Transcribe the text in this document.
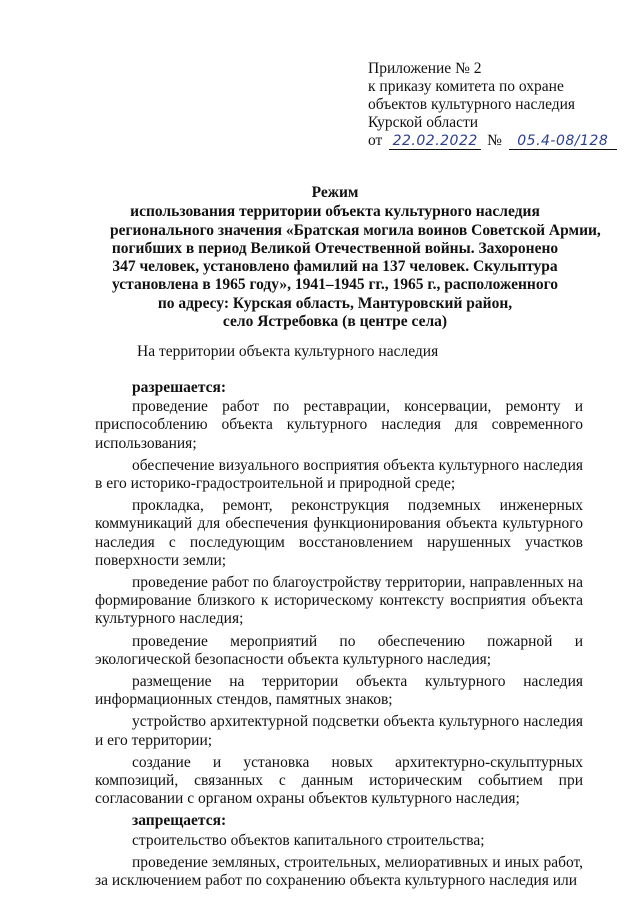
Приложение № 2
к приказу комитета по охране
объектов культурного наследия
Курской области
от 22.02.2022 № 05.4-08/128
Режим
использования территории объекта культурного наследия
регионального значения «Братская могила воинов Советской Армии,
погибших в период Великой Отечественной войны. Захоронено
347 человек, установлено фамилий на 137 человек. Скульптура
установлена в 1965 году», 1941–1945 гг., 1965 г., расположенного
по адресу: Курская область, Мантуровский район,
село Ястребовка (в центре села)
На территории объекта культурного наследия

разрешается:

проведение работ по реставрации, консервации, ремонту и приспособлению объекта культурного наследия для современного использования;

обеспечение визуального восприятия объекта культурного наследия в его историко-градостроительной и природной среде;

прокладка, ремонт, реконструкция подземных инженерных коммуникаций для обеспечения функционирования объекта культурного наследия с последующим восстановлением нарушенных участков поверхности земли;

проведение работ по благоустройству территории, направленных на формирование близкого к историческому контексту восприятия объекта культурного наследия;

проведение мероприятий по обеспечению пожарной и экологической безопасности объекта культурного наследия;

размещение на территории объекта культурного наследия информационных стендов, памятных знаков;

устройство архитектурной подсветки объекта культурного наследия и его территории;

создание и установка новых архитектурно-скульптурных композиций, связанных с данным историческим событием при согласовании с органом охраны объектов культурного наследия;

запрещается:

строительство объектов капитального строительства;

проведение земляных, строительных, мелиоративных и иных работ, за исключением работ по сохранению объекта культурного наследия или
